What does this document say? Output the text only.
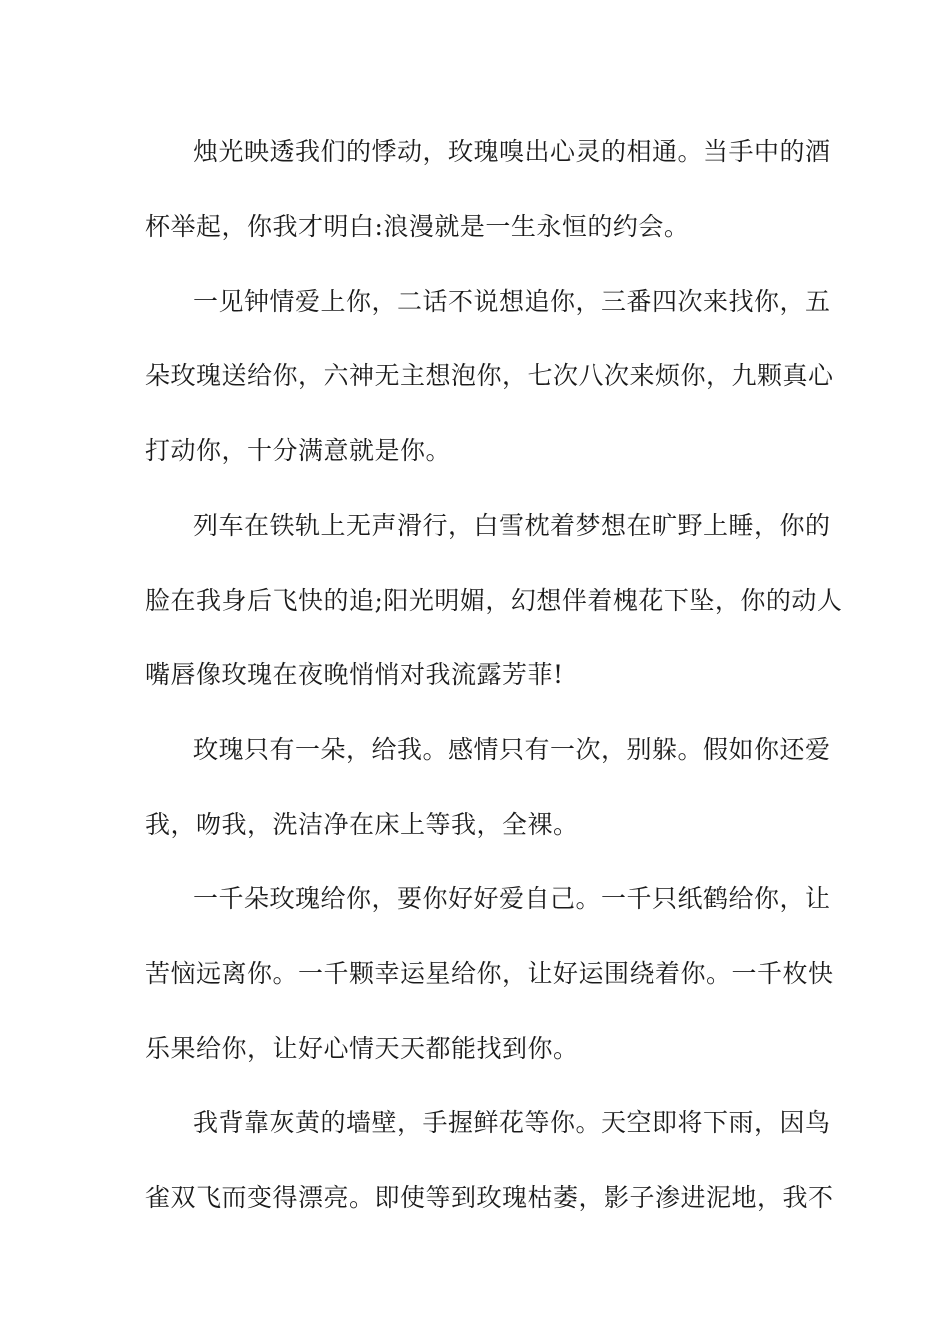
烛光映透我们的悸动，玫瑰嗅出心灵的相通。当手中的酒
杯举起，你我才明白:浪漫就是一生永恒的约会。
一见钟情爱上你，二话不说想追你，三番四次来找你，五
朵玫瑰送给你，六神无主想泡你，七次八次来烦你，九颗真心
打动你，十分满意就是你。
列车在铁轨上无声滑行，白雪枕着梦想在旷野上睡，你的
脸在我身后飞快的追;阳光明媚，幻想伴着槐花下坠，你的动人
嘴唇像玫瑰在夜晚悄悄对我流露芳菲!
玫瑰只有一朵，给我。感情只有一次，别躲。假如你还爱
我，吻我，洗洁净在床上等我，全裸。
一千朵玫瑰给你，要你好好爱自己。一千只纸鹤给你，让
苦恼远离你。一千颗幸运星给你，让好运围绕着你。一千枚快
乐果给你，让好心情天天都能找到你。
我背靠灰黄的墙壁，手握鲜花等你。天空即将下雨，因鸟
雀双飞而变得漂亮。即使等到玫瑰枯萎，影子渗进泥地，我不
